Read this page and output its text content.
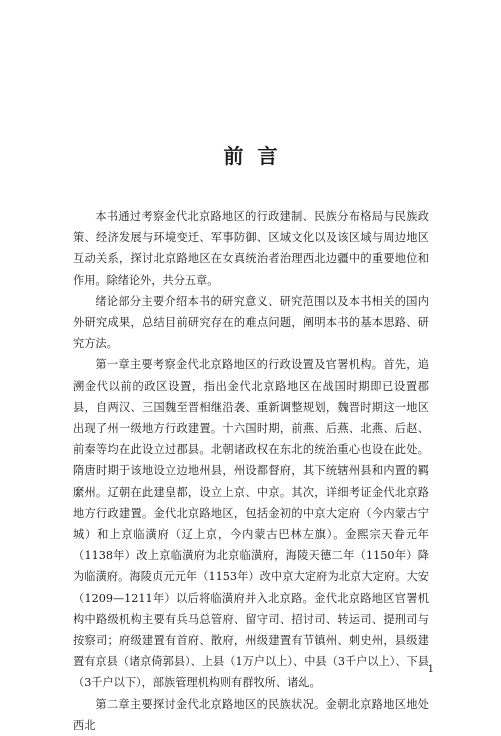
前言

本书通过考察金代北京路地区的行政建制、民族分布格局与民族政策、经济发展与环境变迁、军事防御、区域文化以及该区域与周边地区互动关系，探讨北京路地区在女真统治者治理西北边疆中的重要地位和作用。除绪论外，共分五章。

绪论部分主要介绍本书的研究意义、研究范围以及本书相关的国内外研究成果，总结目前研究存在的难点问题，阐明本书的基本思路、研究方法。

第一章主要考察金代北京路地区的行政设置及官署机构。首先，追溯金代以前的政区设置，指出金代北京路地区在战国时期即已设置郡县，自两汉、三国魏至晋相继沿袭、重新调整规划，魏晋时期这一地区出现了州一级地方行政建置。十六国时期，前燕、后燕、北燕、后赵、前秦等均在此设立过郡县。北朝诸政权在东北的统治重心也设在此处。隋唐时期于该地设立边地州县，州设都督府，其下统辖州县和内置的羁縻州。辽朝在此建皇都，设立上京、中京。其次，详细考证金代北京路地方行政建置。金代北京路地区，包括金初的中京大定府（今内蒙古宁城）和上京临潢府（辽上京，今内蒙古巴林左旗）。金熙宗天眷元年（1138年）改上京临潢府为北京临潢府，海陵天德二年（1150年）降为临潢府。海陵贞元元年（1153年）改中京大定府为北京大定府。大安（1209—1211年）以后将临潢府并入北京路。金代北京路地区官署机构中路级机构主要有兵马总管府、留守司、招讨司、转运司、提刑司与按察司；府级建置有首府、散府，州级建置有节镇州、刺史州，县级建置有京县（诸京倚郭县）、上县（1万户以上）、中县（3千户以上）、下县（3千户以下），部族管理机构则有群牧所、诸乣。

第二章主要探讨金代北京路地区的民族状况。金朝北京路地区地处西北

1
